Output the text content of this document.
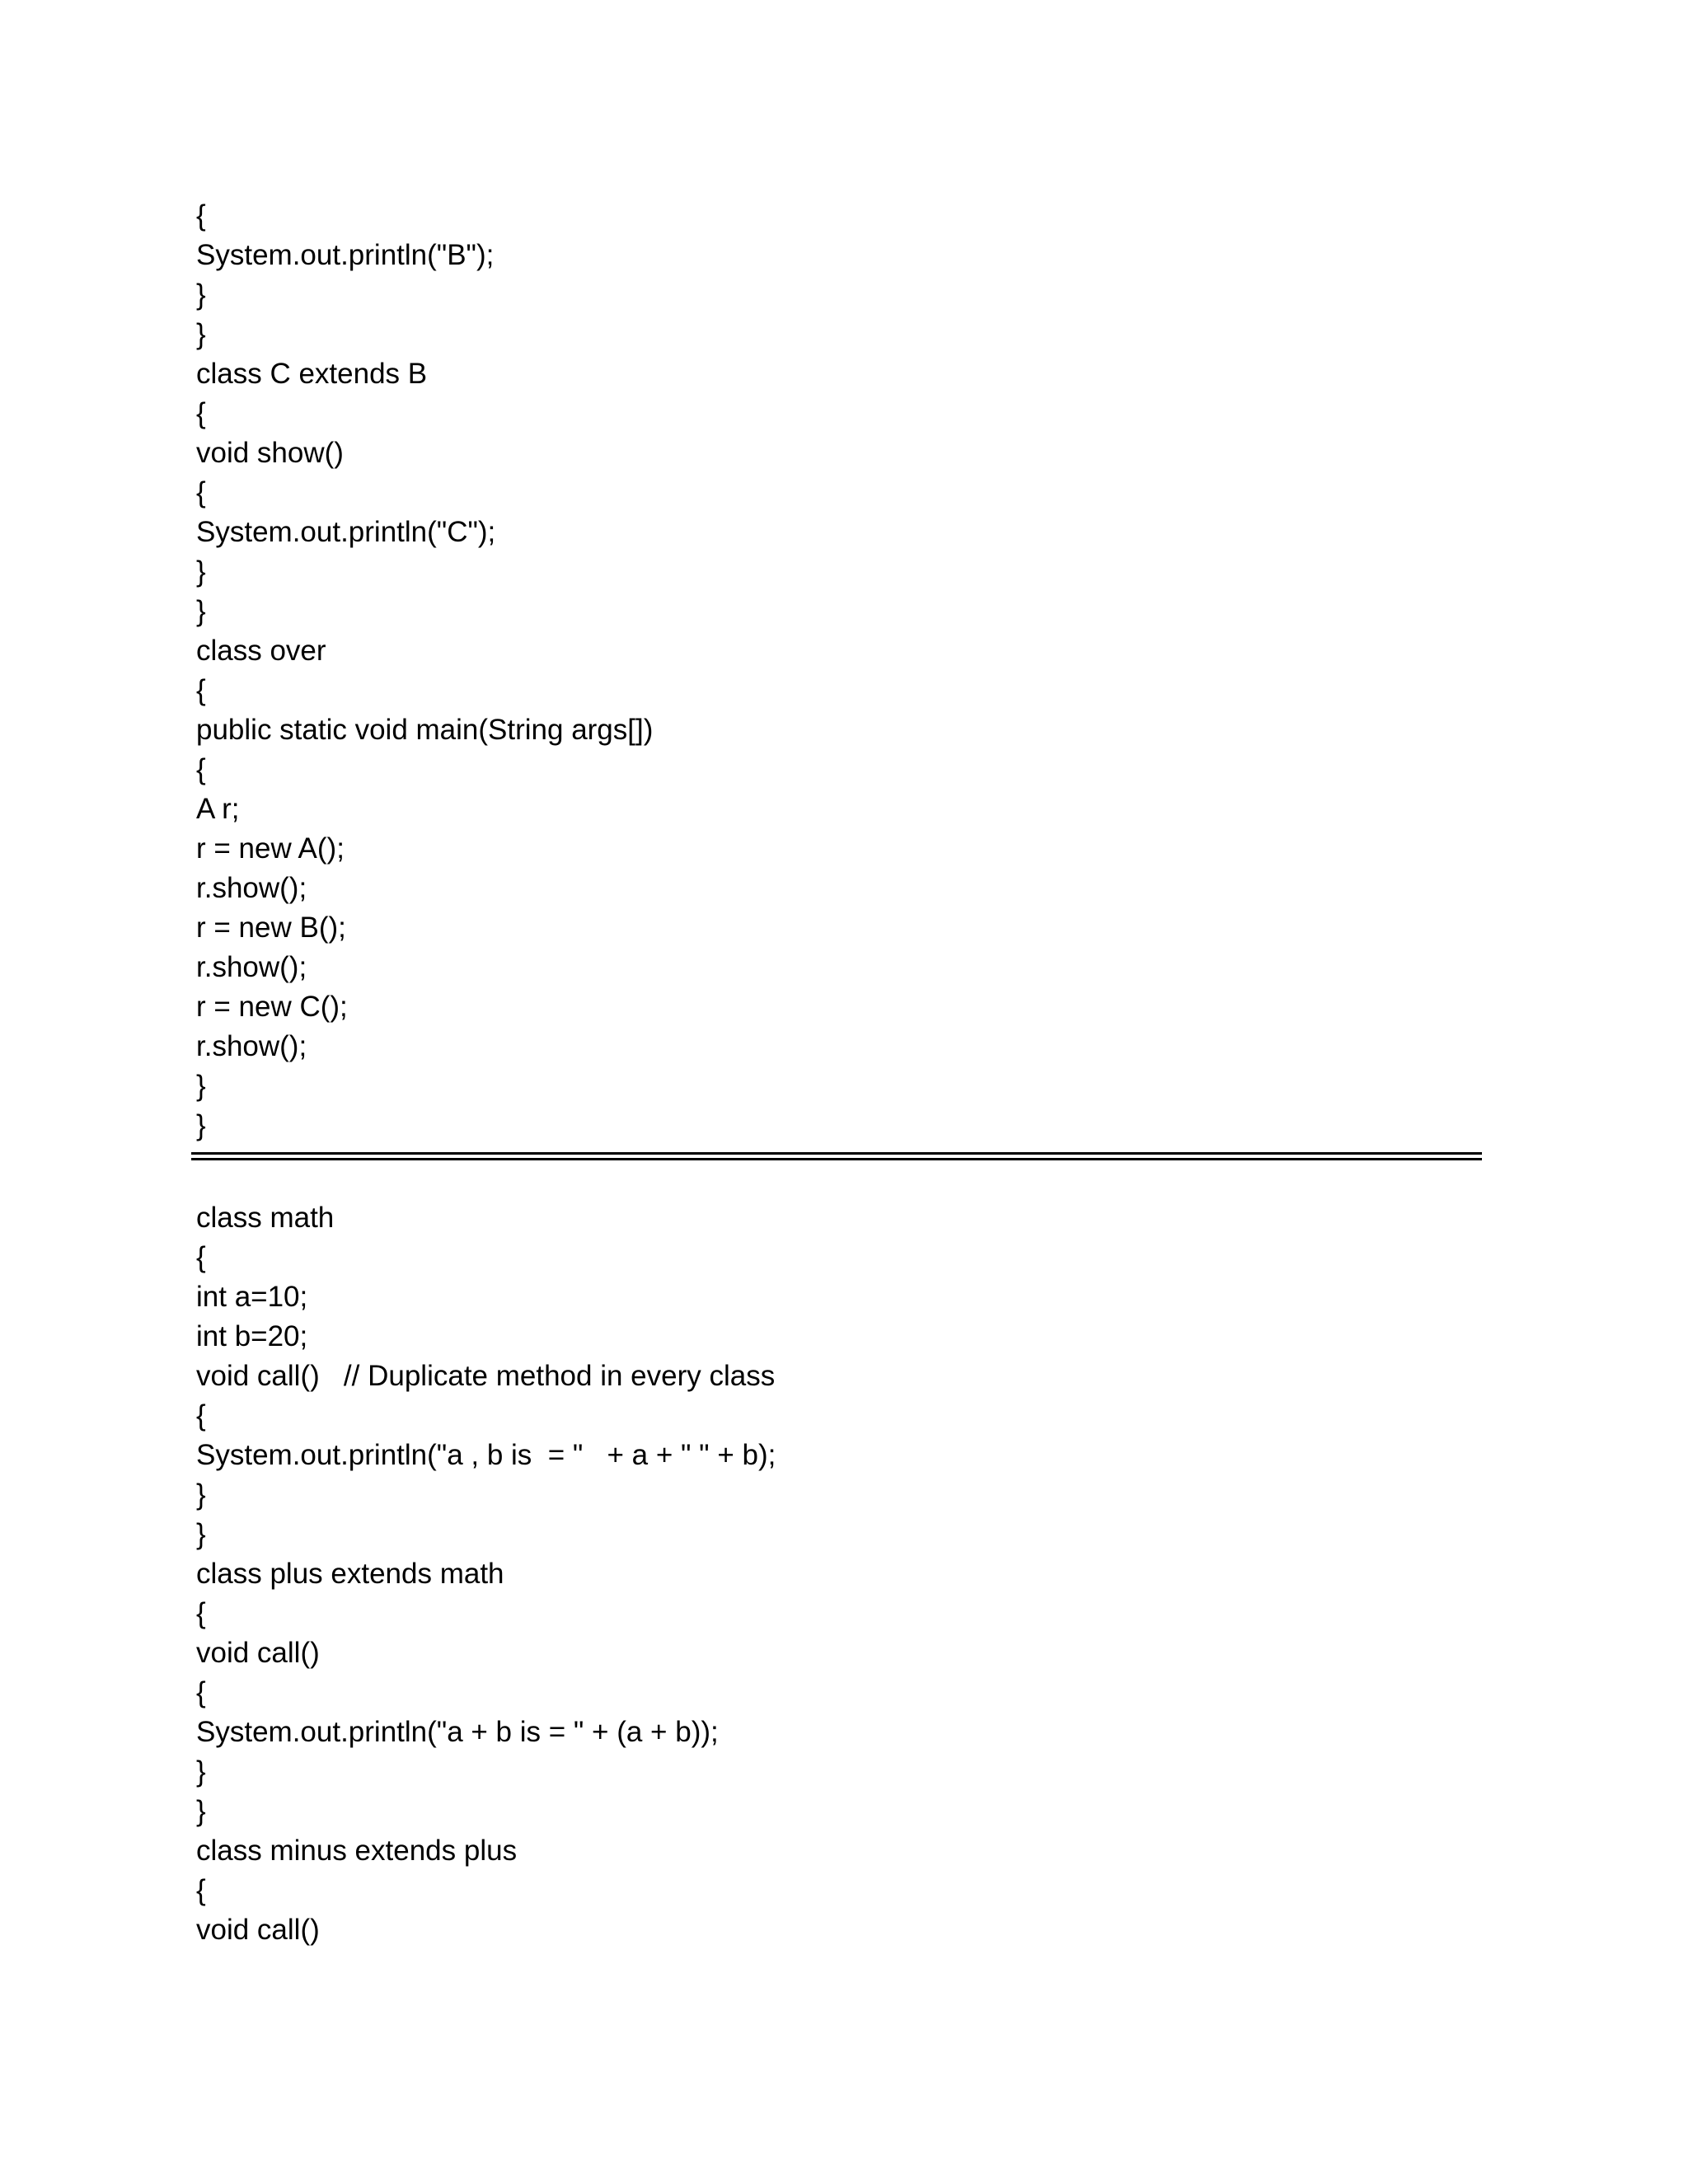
{
System.out.println("B");
}
}
class C extends B
{
void show()
{
System.out.println("C");
}
}
class over
{
public static void main(String args[])
{
A r;
r = new A();
r.show();
r = new B();
r.show();
r = new C();
r.show();
}
}
class math
{
int a=10;
int b=20;
void call()   // Duplicate method in every class
{
System.out.println("a , b is  = "   + a + " " + b);
}
}
class plus extends math
{
void call()
{
System.out.println("a + b is = " + (a + b));
}
}
class minus extends plus
{
void call()
